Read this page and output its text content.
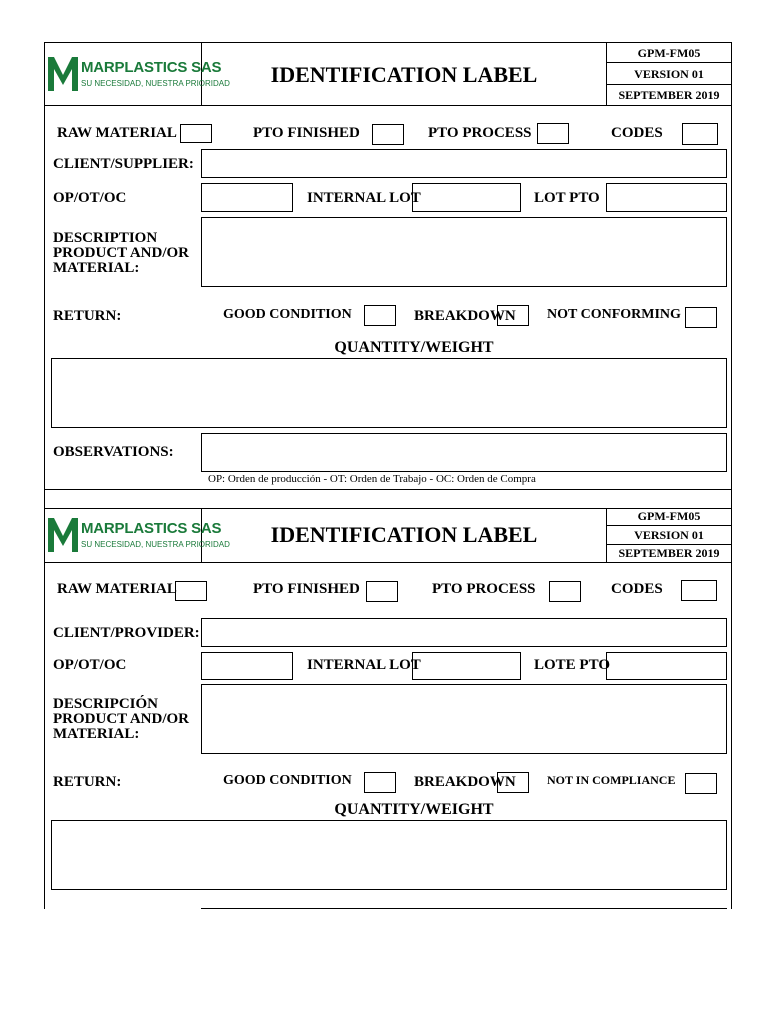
MARPLASTICS SAS
SU NECESIDAD, NUESTRA PRIORIDAD	IDENTIFICATION LABEL
GPM-FM05
VERSION 01
SEPTEMBER 2019
RAW MATERIAL	PTO FINISHED	PTO PROCESS	CODES
CLIENT/SUPPLIER:
OP/OT/OC	INTERNAL LOT	LOT PTO
DESCRIPTION
PRODUCT AND/OR
MATERIAL:
RETURN:	GOOD CONDITION	BREAKDOWN NOT CONFORMING
QUANTITY/WEIGHT
OBSERVATIONS:
OP: Orden de producción - OT: Orden de Trabajo - OC: Orden de Compra
MARPLASTICS SAS
SU NECESIDAD, NUESTRA PRIORIDAD	IDENTIFICATION LABEL
GPM-FM05
VERSION 01
SEPTEMBER 2019
RAW MATERIAL	PTO FINISHED	PTO PROCESS	CODES
CLIENT/PROVIDER:
OP/OT/OC	INTERNAL LOT	LOTE PTO
DESCRIPCIÓN
PRODUCT AND/OR
MATERIAL:
RETURN:	GOOD CONDITION	BREAKDOWN	NOT IN COMPLIANCE
QUANTITY/WEIGHT
